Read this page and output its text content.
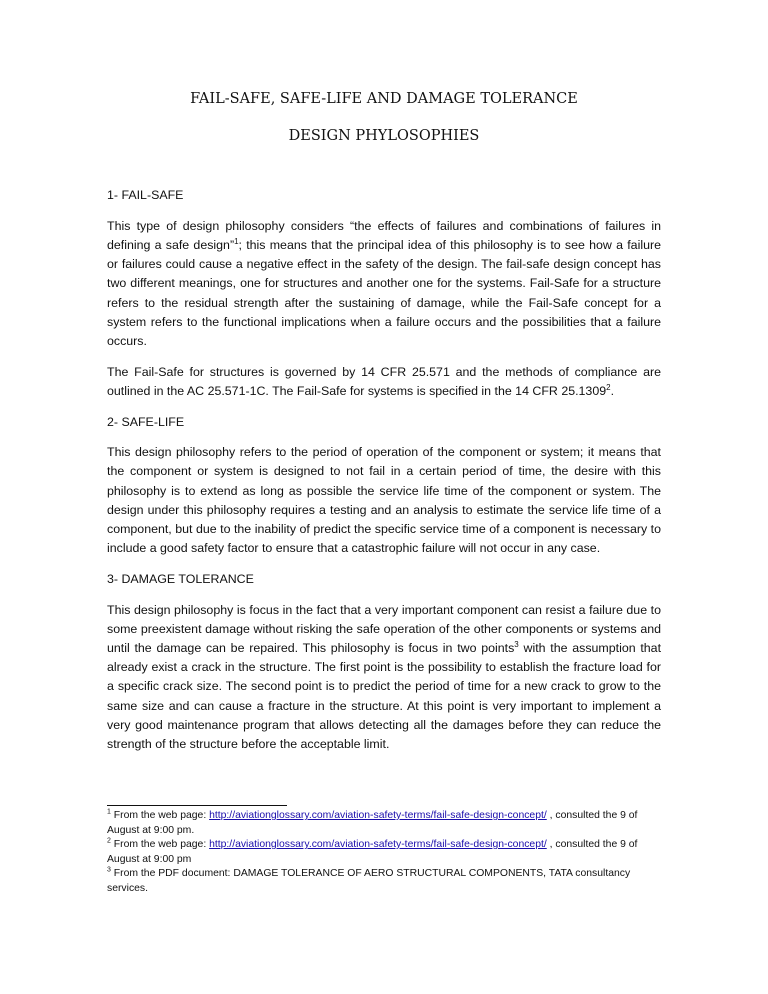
FAIL-SAFE, SAFE-LIFE AND DAMAGE TOLERANCE
DESIGN PHYLOSOPHIES

1- FAIL-SAFE

This type of design philosophy considers “the effects of failures and combinations of failures in defining a safe design”$^1$; this means that the principal idea of this philosophy is to see how a failure or failures could cause a negative effect in the safety of the design. The fail-safe design concept has two different meanings, one for structures and another one for the systems. Fail-Safe for a structure refers to the residual strength after the sustaining of damage, while the Fail-Safe concept for a system refers to the functional implications when a failure occurs and the possibilities that a failure occurs.

The Fail-Safe for structures is governed by 14 CFR 25.571 and the methods of compliance are outlined in the AC 25.571-1C. The Fail-Safe for systems is specified in the 14 CFR 25.1309$^2$.

2- SAFE-LIFE

This design philosophy refers to the period of operation of the component or system; it means that the component or system is designed to not fail in a certain period of time, the desire with this philosophy is to extend as long as possible the service life time of the component or system. The design under this philosophy requires a testing and an analysis to estimate the service life time of a component, but due to the inability of predict the specific service time of a component is necessary to include a good safety factor to ensure that a catastrophic failure will not occur in any case.

3- DAMAGE TOLERANCE

This design philosophy is focus in the fact that a very important component can resist a failure due to some preexistent damage without risking the safe operation of the other components or systems and until the damage can be repaired. This philosophy is focus in two points$^3$ with the assumption that already exist a crack in the structure. The first point is the possibility to establish the fracture load for a specific crack size. The second point is to predict the period of time for a new crack to grow to the same size and can cause a fracture in the structure. At this point is very important to implement a very good maintenance program that allows detecting all the damages before they can reduce the strength of the structure before the acceptable limit.

$^1$ From the web page: http://aviationglossary.com/aviation-safety-terms/fail-safe-design-concept/ , consulted the 9 of August at 9:00 pm.

$^2$ From the web page: http://aviationglossary.com/aviation-safety-terms/fail-safe-design-concept/ , consulted the 9 of August at 9:00 pm

$^3$ From the PDF document: DAMAGE TOLERANCE OF AERO STRUCTURAL COMPONENTS, TATA consultancy services.
